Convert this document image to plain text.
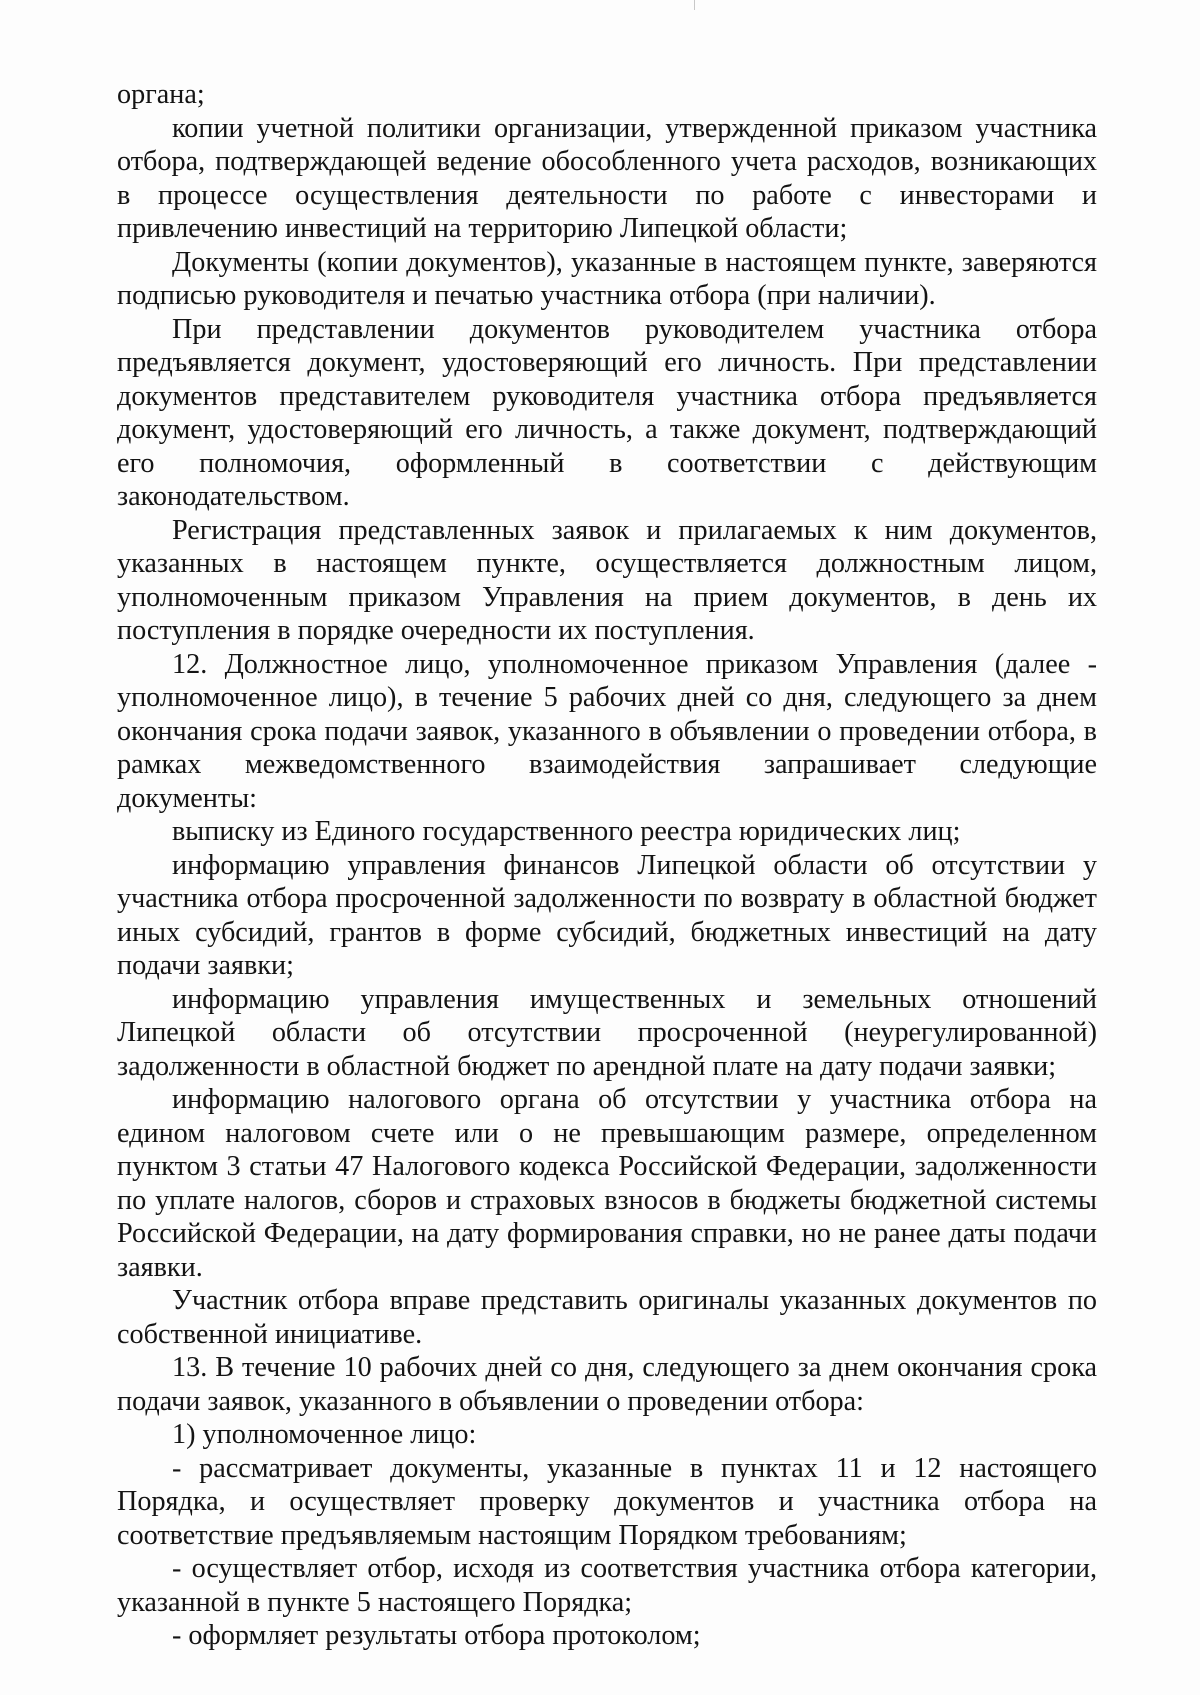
органа;

копии учетной политики организации, утвержденной приказом участника отбора, подтверждающей ведение обособленного учета расходов, возникающих в процессе осуществления деятельности по работе с инвесторами и привлечению инвестиций на территорию Липецкой области;

Документы (копии документов), указанные в настоящем пункте, заверяются подписью руководителя и печатью участника отбора (при наличии).

При представлении документов руководителем участника отбора предъявляется документ, удостоверяющий его личность. При представлении документов представителем руководителя участника отбора предъявляется документ, удостоверяющий его личность, а также документ, подтверждающий его полномочия, оформленный в соответствии с действующим законодательством.

Регистрация представленных заявок и прилагаемых к ним документов, указанных в настоящем пункте, осуществляется должностным лицом, уполномоченным приказом Управления на прием документов, в день их поступления в порядке очередности их поступления.

12. Должностное лицо, уполномоченное приказом Управления (далее - уполномоченное лицо), в течение 5 рабочих дней со дня, следующего за днем окончания срока подачи заявок, указанного в объявлении о проведении отбора, в рамках межведомственного взаимодействия запрашивает следующие документы:

выписку из Единого государственного реестра юридических лиц;

информацию управления финансов Липецкой области об отсутствии у участника отбора просроченной задолженности по возврату в областной бюджет иных субсидий, грантов в форме субсидий, бюджетных инвестиций на дату подачи заявки;

информацию управления имущественных и земельных отношений Липецкой области об отсутствии просроченной (неурегулированной) задолженности в областной бюджет по арендной плате на дату подачи заявки;

информацию налогового органа об отсутствии у участника отбора на едином налоговом счете или о не превышающим размере, определенном пунктом 3 статьи 47 Налогового кодекса Российской Федерации, задолженности по уплате налогов, сборов и страховых взносов в бюджеты бюджетной системы Российской Федерации, на дату формирования справки, но не ранее даты подачи заявки.

Участник отбора вправе представить оригиналы указанных документов по собственной инициативе.

13. В течение 10 рабочих дней со дня, следующего за днем окончания срока подачи заявок, указанного в объявлении о проведении отбора:

1) уполномоченное лицо:

- рассматривает документы, указанные в пунктах 11 и 12 настоящего Порядка, и осуществляет проверку документов и участника отбора на соответствие предъявляемым настоящим Порядком требованиям;

- осуществляет отбор, исходя из соответствия участника отбора категории, указанной в пункте 5 настоящего Порядка;

- оформляет результаты отбора протоколом;
